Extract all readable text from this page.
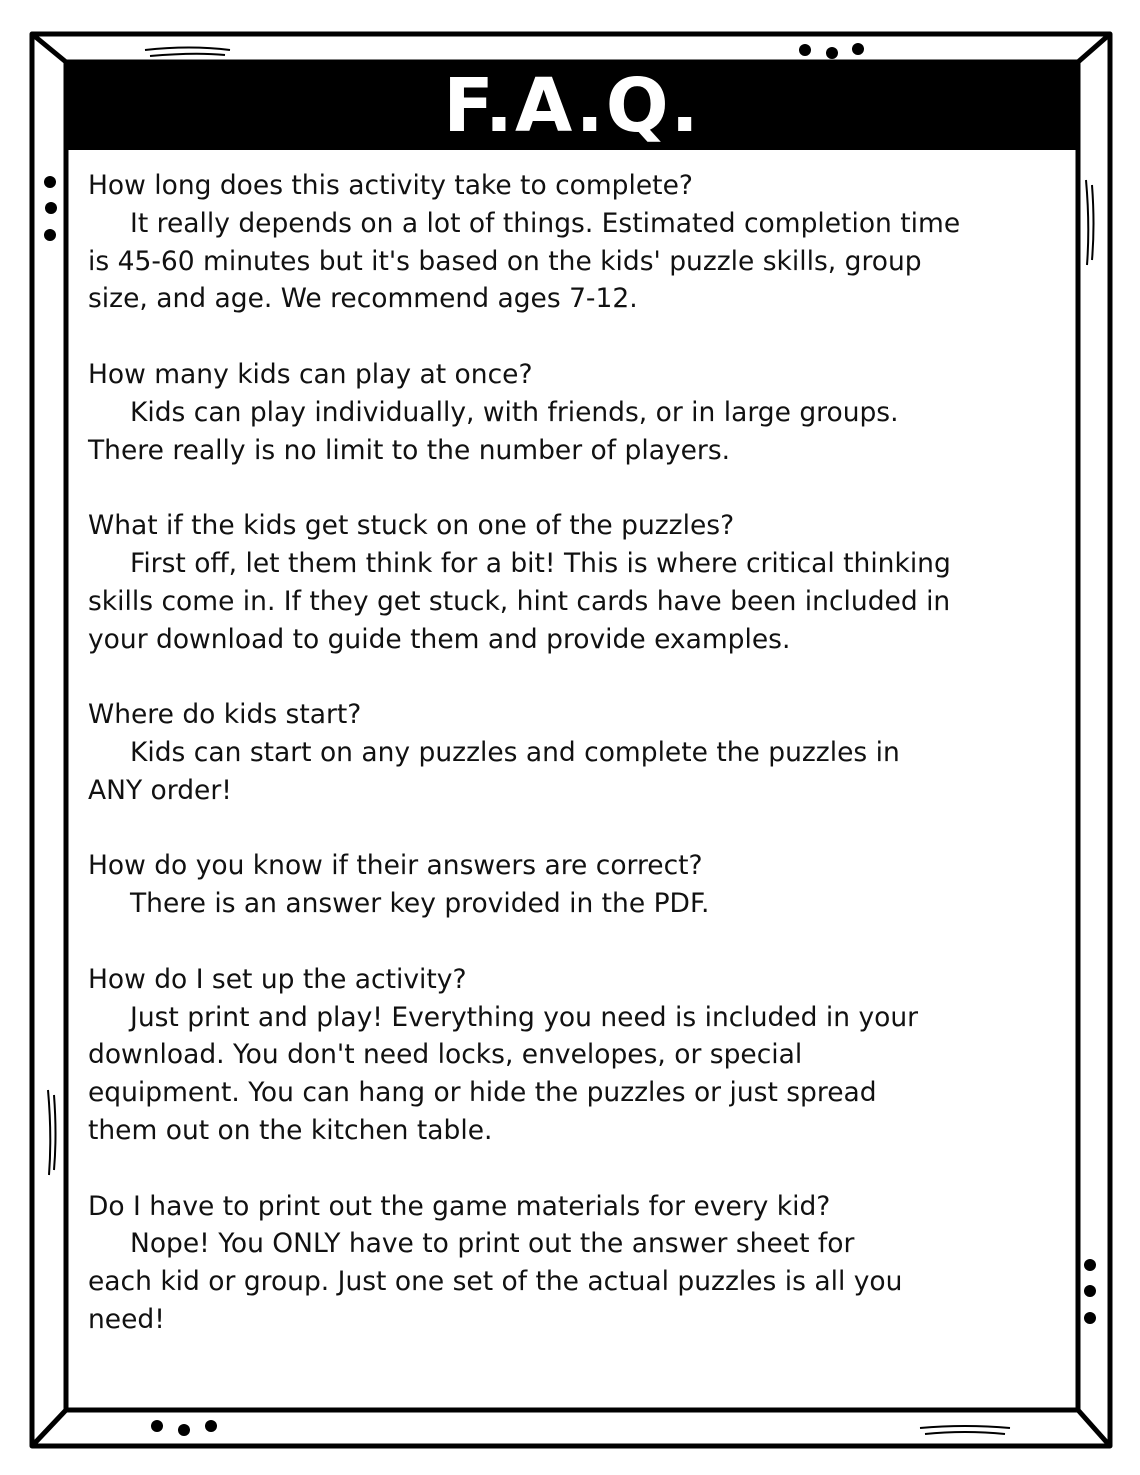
F.A.Q.
How long does this activity take to complete?
It really depends on a lot of things. Estimated completion time
is 45-60 minutes but it's based on the kids' puzzle skills, group
size, and age. We recommend ages 7-12.
How many kids can play at once?
Kids can play individually, with friends, or in large groups.
There really is no limit to the number of players.
What if the kids get stuck on one of the puzzles?
First off, let them think for a bit! This is where critical thinking
skills come in. If they get stuck, hint cards have been included in
your download to guide them and provide examples.
Where do kids start?
Kids can start on any puzzles and complete the puzzles in
ANY order!
How do you know if their answers are correct?
There is an answer key provided in the PDF.
How do I set up the activity?
Just print and play! Everything you need is included in your
download. You don't need locks, envelopes, or special
equipment. You can hang or hide the puzzles or just spread
them out on the kitchen table.
Do I have to print out the game materials for every kid?
Nope! You ONLY have to print out the answer sheet for
each kid or group. Just one set of the actual puzzles is all you
need!
